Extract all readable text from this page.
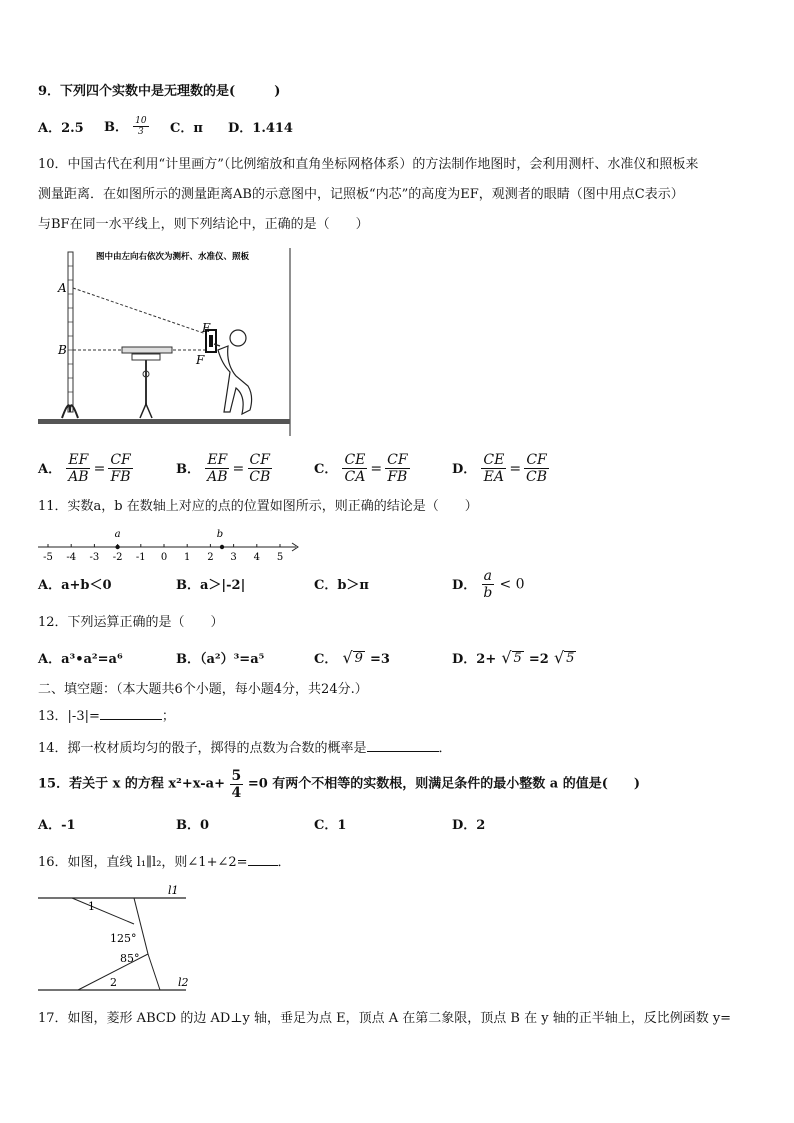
9．下列四个实数中是无理数的是(　　　)
A．2.5 B． $\frac{10}{3}$ C．π D．1.414
10．中国古代在利用“计里画方”（比例缩放和直角坐标网格体系）的方法制作地图时，会利用测杆、水准仪和照板来
测量距离．在如图所示的测量距离AB的示意图中，记照板“内芯”的高度为EF，观测者的眼睛（图中用点C表示）
与BF在同一水平线上，则下列结论中，正确的是（　　）
A
B
E
F
图中由左向右依次为测杆、水准仪、照板
A． $\frac{EF}{AB} = \frac{CF}{FB}$	B． $\frac{EF}{AB} = \frac{CF}{CB}$	C． $\frac{CE}{CA} = \frac{CF}{FB}$	D． $\frac{CE}{EA} = \frac{CF}{CB}$
11．实数a，b 在数轴上对应的点的位置如图所示，则正确的结论是（　　）
-5 -4 -3 -2 -1 0 1 2 3 4 5
a	b
A．a+b＜0	B．a＞|-2|	C．b＞π	D． $\frac{a}{b} < 0$
12．下列运算正确的是（　　）
A．a³•a²=a⁶	B．（a²）³=a⁵	C． √ 9 =3	D．2+ √ 5 =2 √ 5
二、填空题：（本大题共6个小题，每小题4分，共24分.）
13．|-3|=	；
14．掷一枚材质均匀的骰子，掷得的点数为合数的概率是	．
15．若关于 x 的方程 $x^2+x-a+ \frac{5}{4} =0$ 有两个不相等的实数根，则满足条件的最小整数 a 的值是(　　)
A．-1	B．0	C．1	D．2
16．如图，直线 l₁∥l₂，则∠1+∠2= ．
l1
l2
1
125°
85°
2
17．如图，菱形 ABCD 的边 AD⊥y 轴，垂足为点 E，顶点 A 在第二象限，顶点 B 在 y 轴的正半轴上，反比例函数 y=
